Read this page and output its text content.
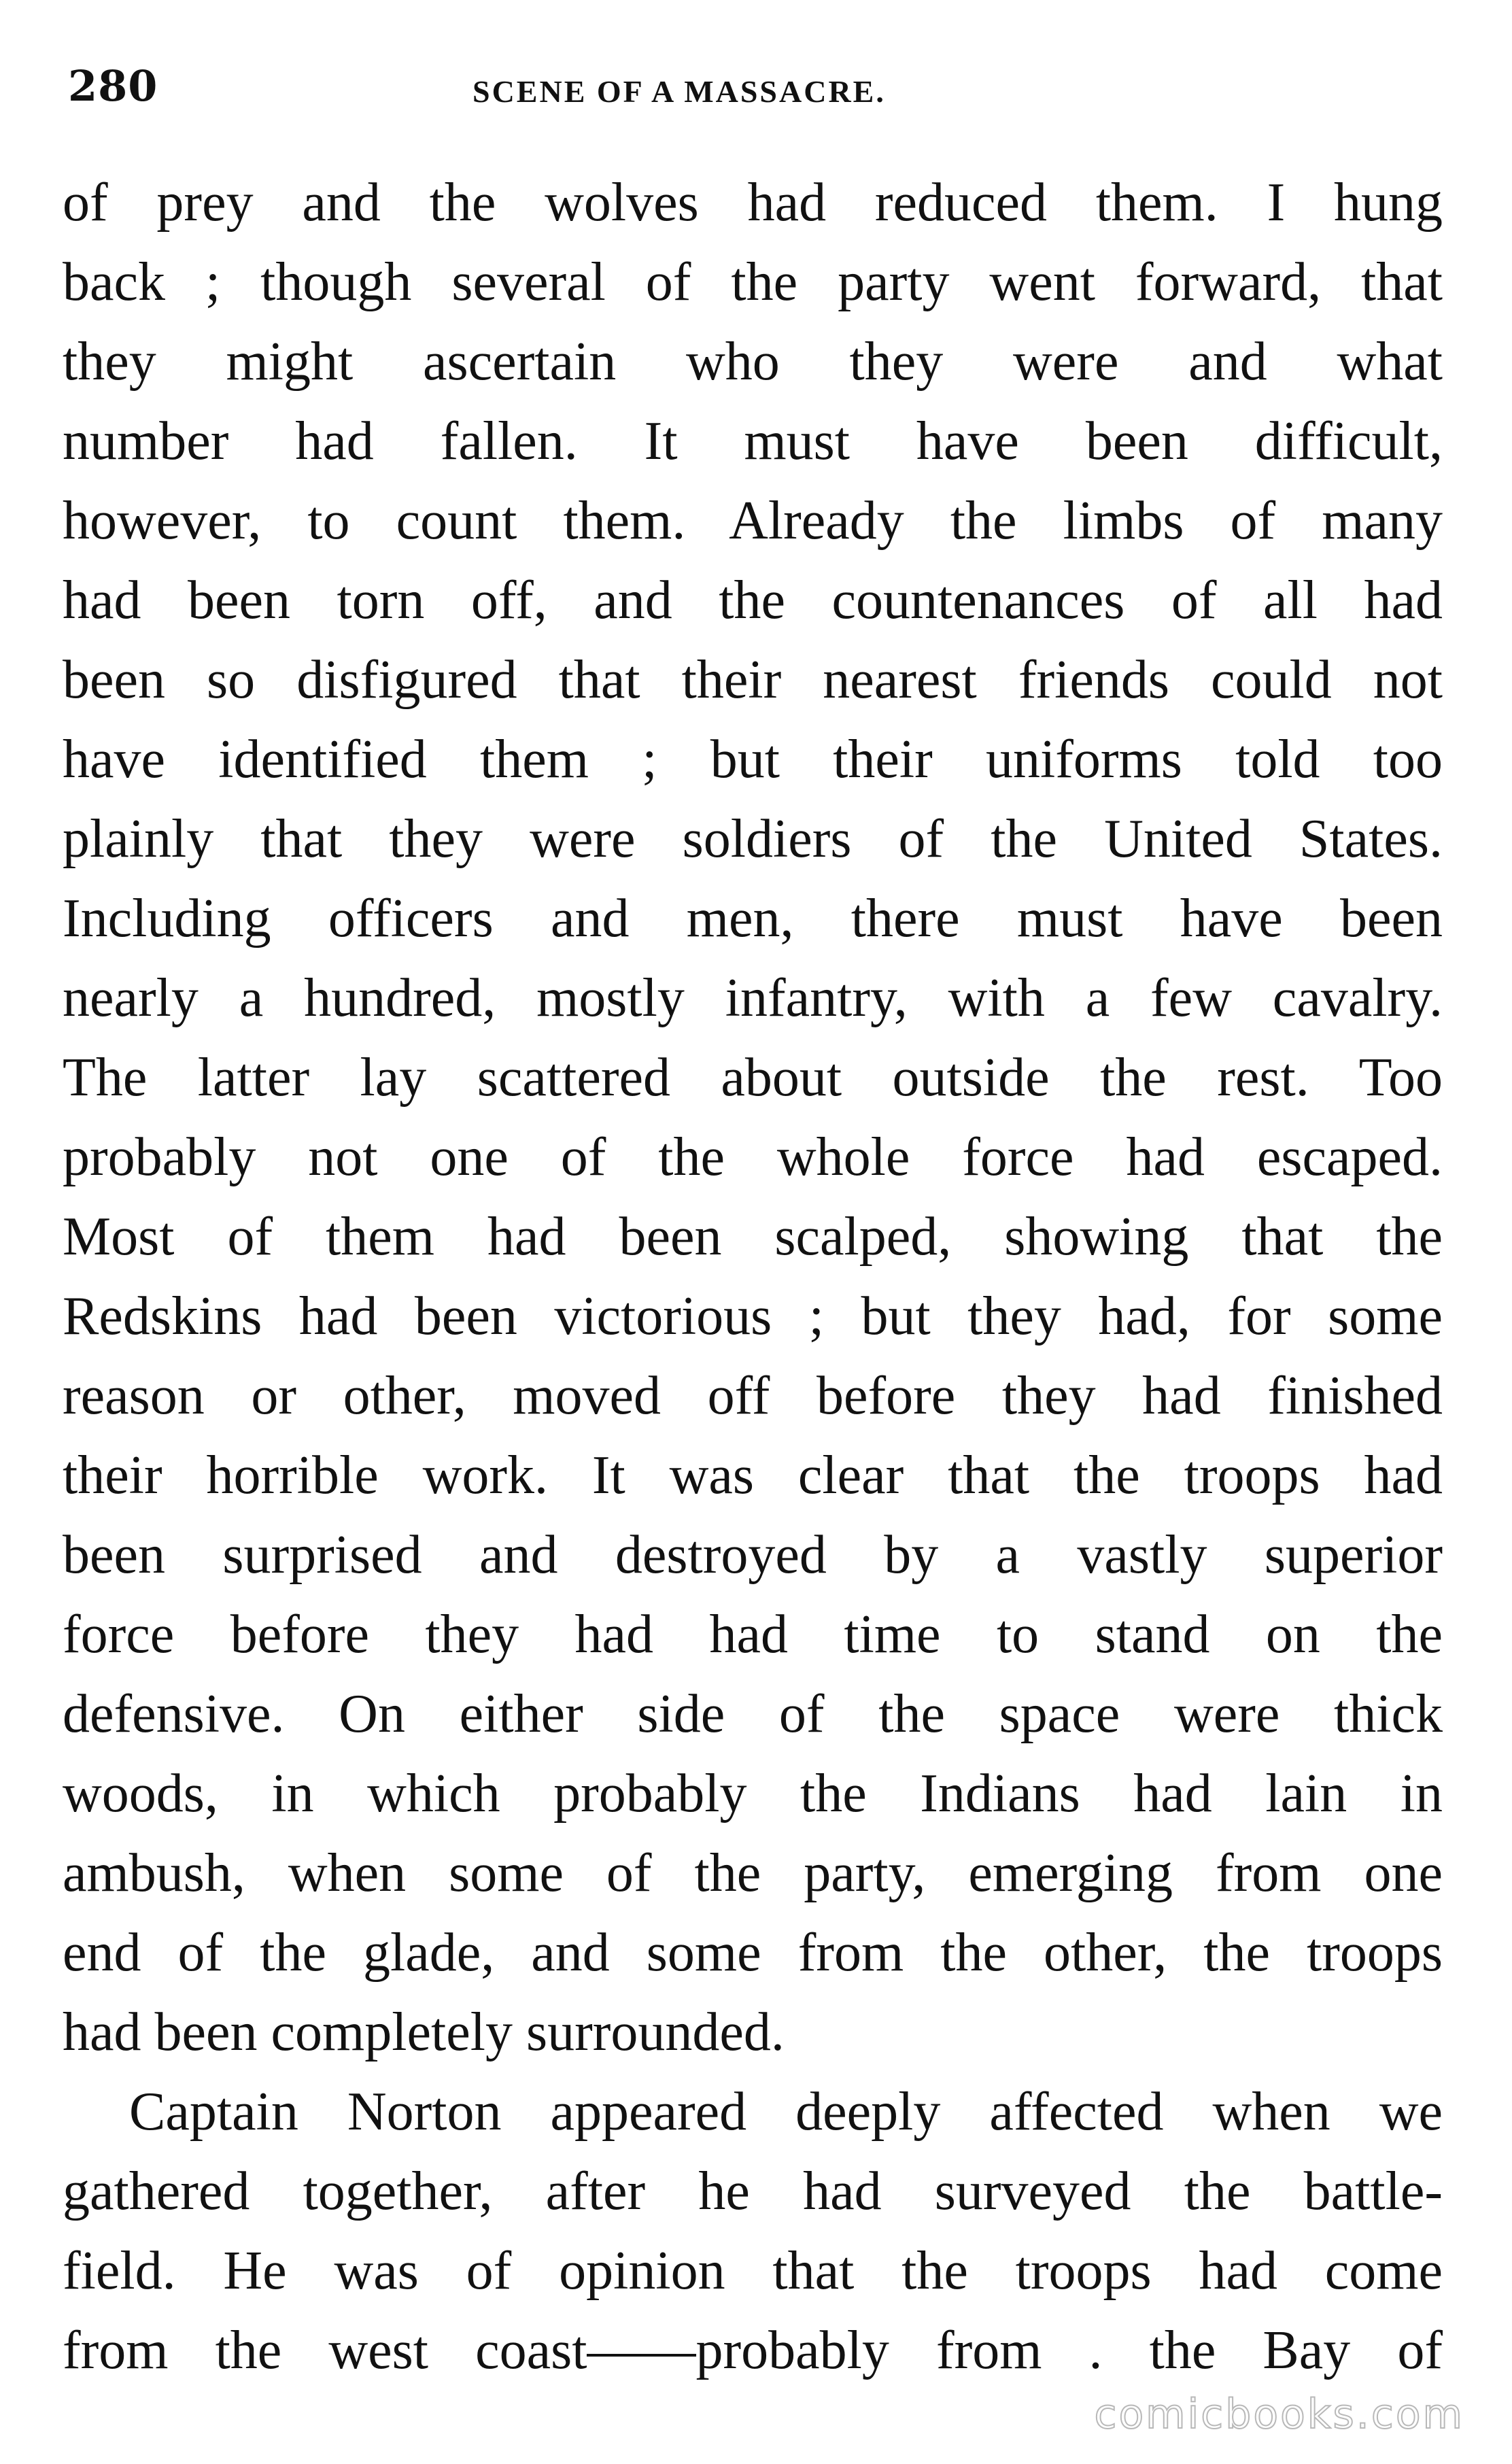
280	SCENE OF A MASSACRE.
of prey and the wolves had reduced them. I hung
back ; though several of the party went forward, that
they might ascertain who they were and what
number had fallen. It must have been difficult,
however, to count them. Already the limbs of many
had been torn off, and the countenances of all had
been so disfigured that their nearest friends could not
have identified them ; but their uniforms told too
plainly that they were soldiers of the United States.
Including officers and men, there must have been
nearly a hundred, mostly infantry, with a few cavalry.
The latter lay scattered about outside the rest. Too
probably not one of the whole force had escaped.
Most of them had been scalped, showing that the
Redskins had been victorious ; but they had, for some
reason or other, moved off before they had finished
their horrible work. It was clear that the troops had
been surprised and destroyed by a vastly superior
force before they had had time to stand on the
defensive. On either side of the space were thick
woods, in which probably the Indians had lain in
ambush, when some of the party, emerging from one
end of the glade, and some from the other, the troops
had been completely surrounded.
Captain Norton appeared deeply affected when we
gathered together, after he had surveyed the battle-
field. He was of opinion that the troops had come
from the west coast——probably from . the Bay of
comicbooks.com
